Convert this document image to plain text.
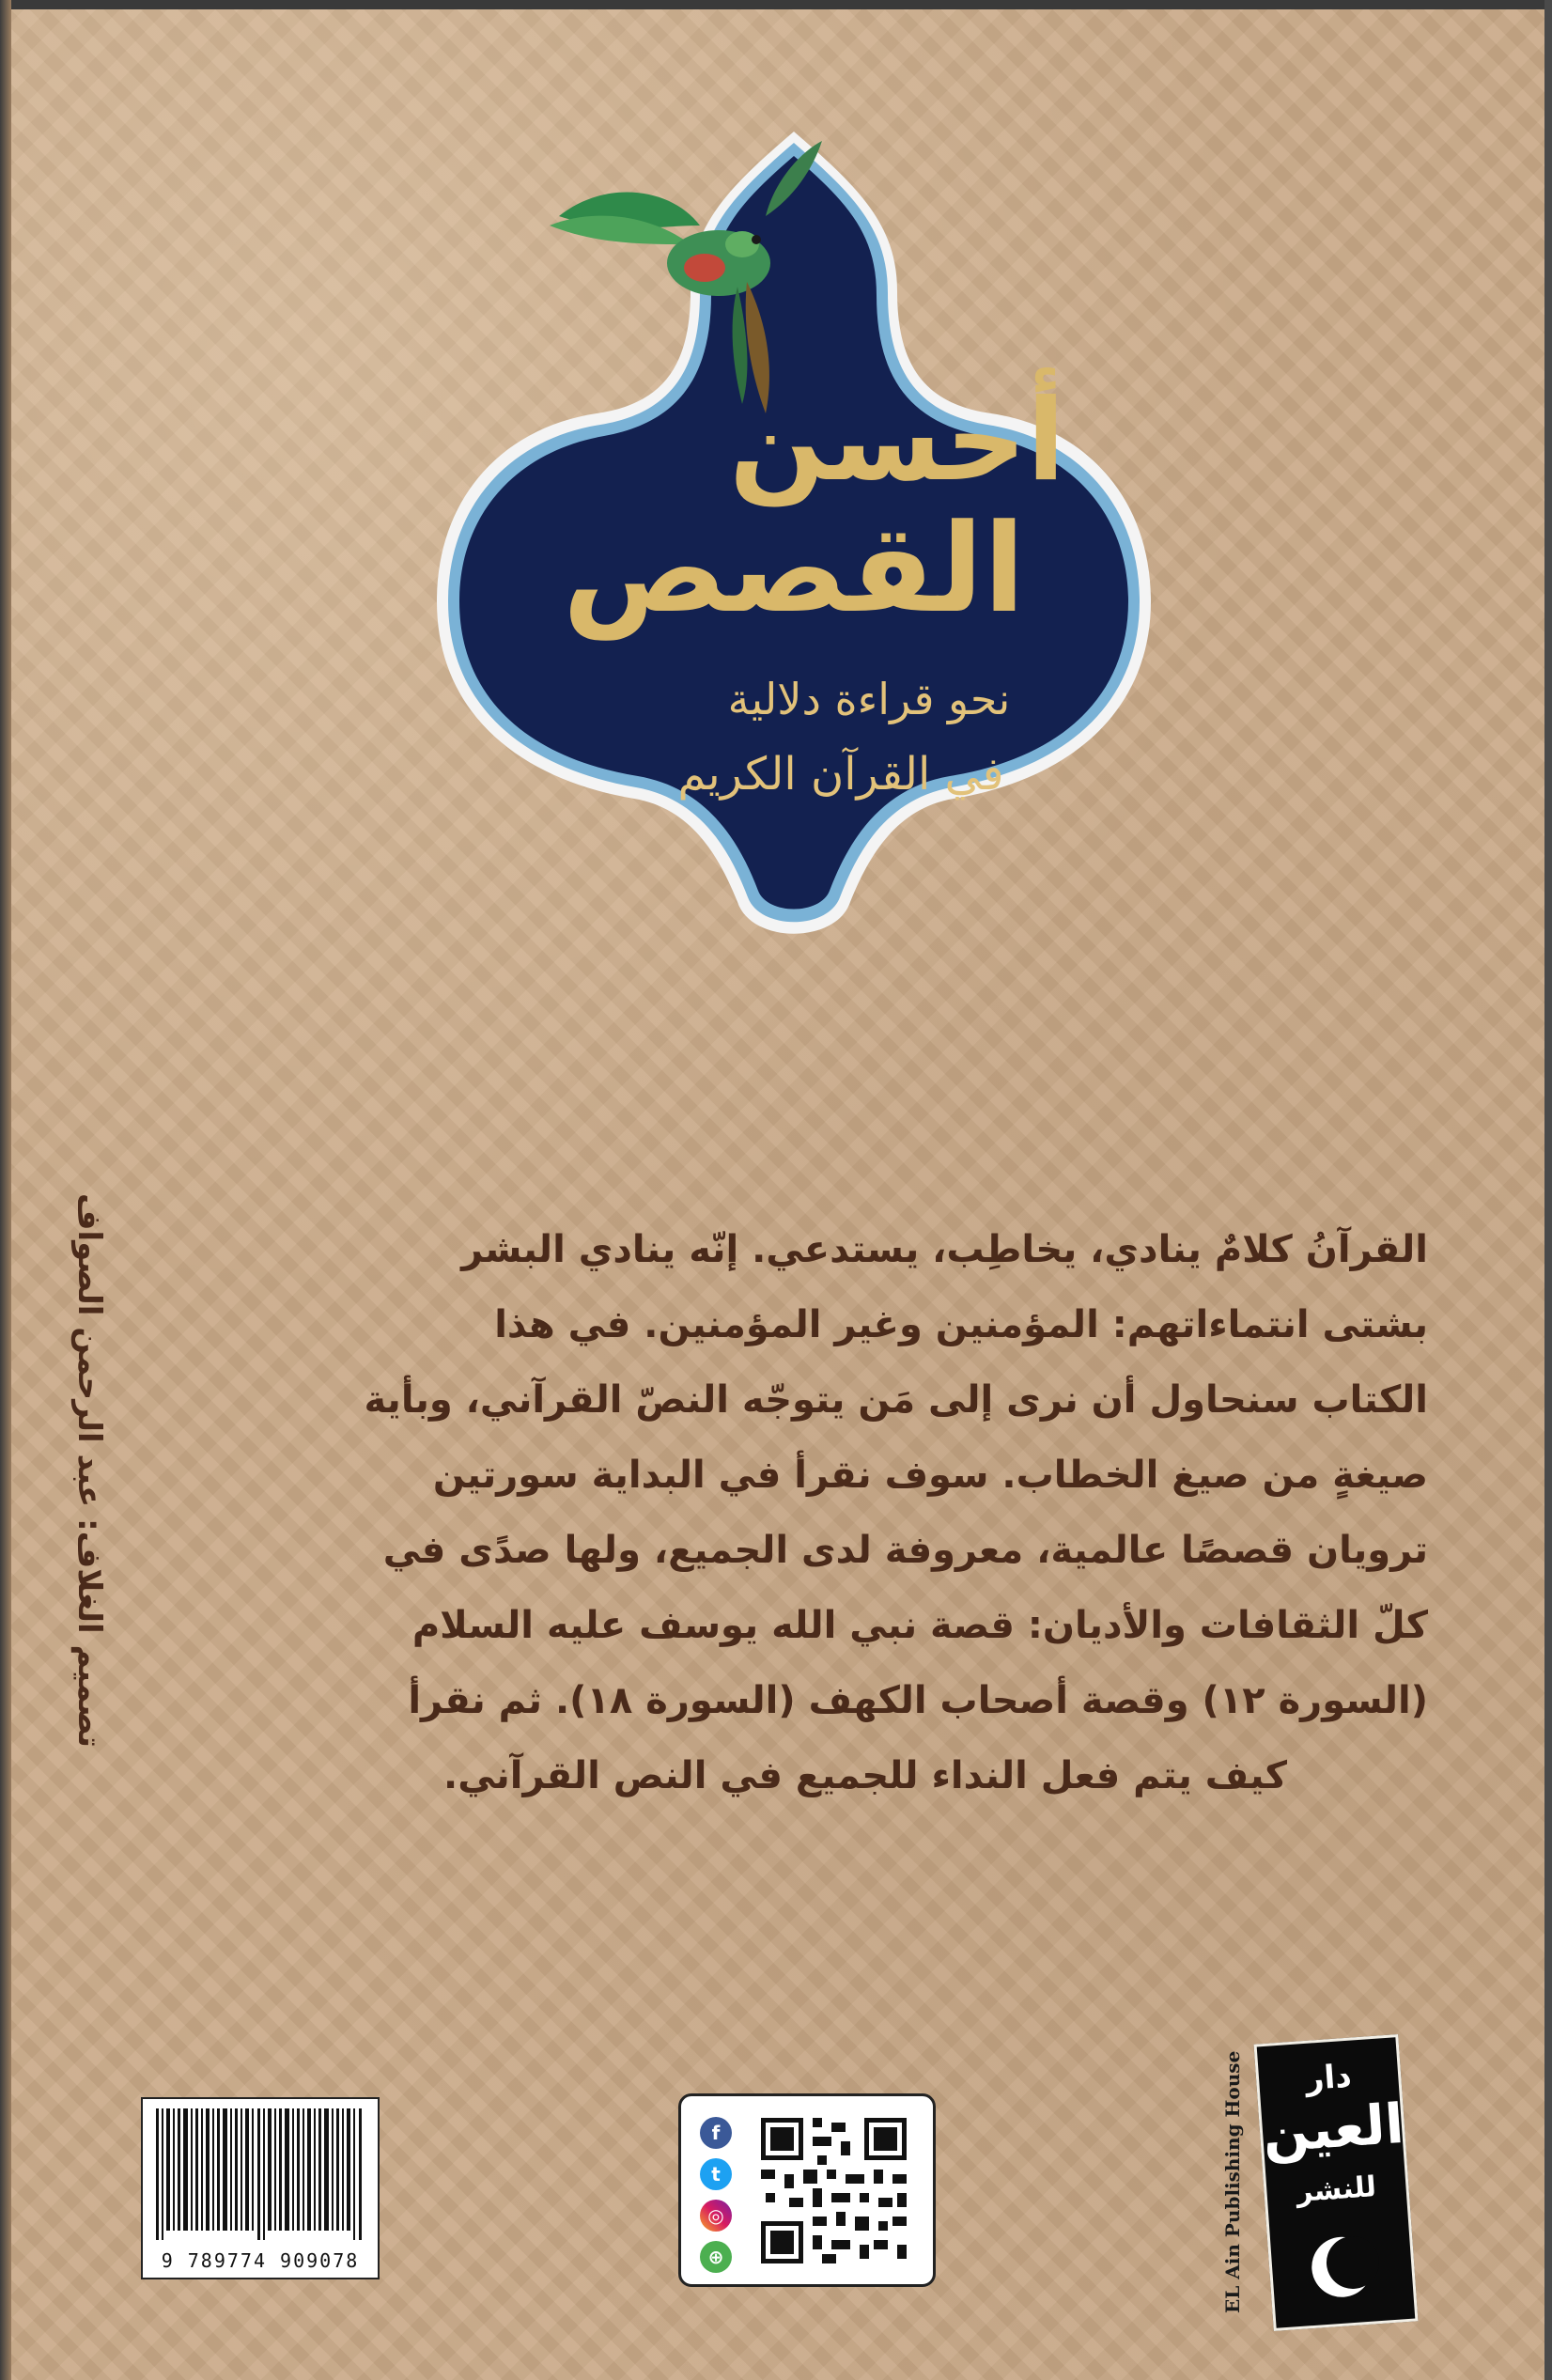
أحسن
القصص
نحو قراءة دلالية
في القرآن الكريم
القرآنُ كلامٌ ينادي، يخاطِب، يستدعي. إنّه ينادي البشر
بشتى انتماءاتهم: المؤمنين وغير المؤمنين. في هذا
الكتاب سنحاول أن نرى إلى مَن يتوجّه النصّ القرآني، وبأية
صيغةٍ من صيغ الخطاب. سوف نقرأ في البداية سورتين
ترويان قصصًا عالمية، معروفة لدى الجميع، ولها صدًى في
كلّ الثقافات والأديان: قصة نبي الله يوسف عليه السلام
(السورة ١٢) وقصة أصحاب الكهف (السورة ١٨). ثم نقرأ
كيف يتم فعل النداء للجميع في النص القرآني.
تصميم الغلاف: عبد الرحمن الصواف
9 789774 909078
f
t
◎
⊕	EL Ain Publishing House	دار
العين
للنشر
